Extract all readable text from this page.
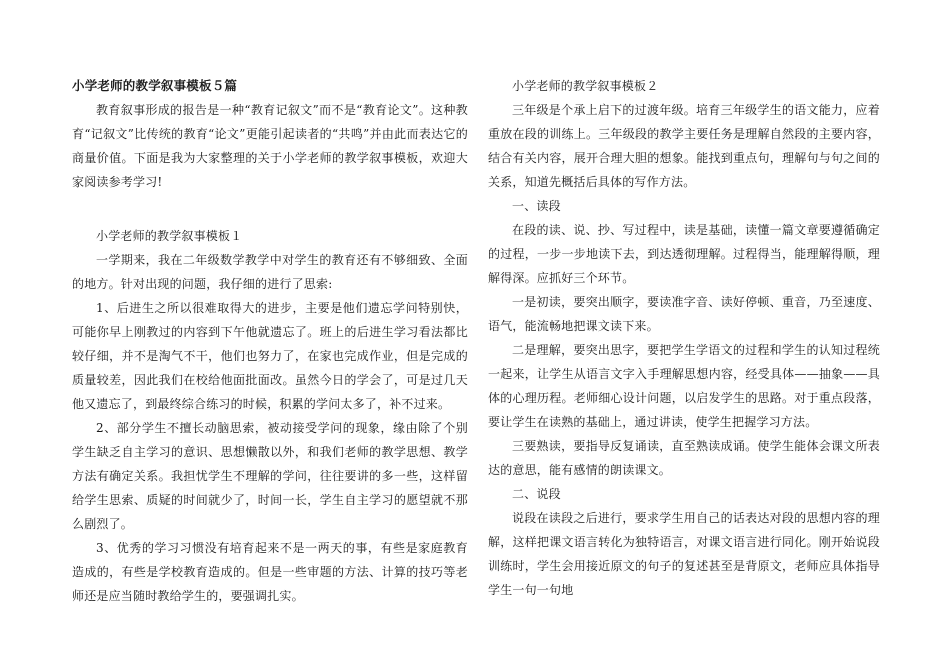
小学老师的教学叙事模板５篇

教育叙事形成的报告是一种“教育记叙文”而不是“教育论文”。这种教育“记叙文”比传统的教育“论文”更能引起读者的“共鸣”并由此而表达它的商量价值。下面是我为大家整理的关于小学老师的教学叙事模板，欢迎大家阅读参考学习!

小学老师的教学叙事模板１

一学期来，我在二年级数学教学中对学生的教育还有不够细致、全面的地方。针对出现的问题，我仔细的进行了思索:

1、后进生之所以很难取得大的进步，主要是他们遗忘学问特别快，可能你早上刚教过的内容到下午他就遗忘了。班上的后进生学习看法都比较仔细，并不是淘气不干，他们也努力了，在家也完成作业，但是完成的质量较差，因此我们在校给他面批面改。虽然今日的学会了，可是过几天他又遗忘了，到最终综合练习的时候，积累的学问太多了，补不过来。

2、部分学生不擅长动脑思索，被动接受学问的现象，缘由除了个别学生缺乏自主学习的意识、思想懒散以外，和我们老师的教学思想、教学方法有确定关系。我担忧学生不理解的学问，往往要讲的多一些，这样留给学生思索、质疑的时间就少了，时间一长，学生自主学习的愿望就不那么剧烈了。

3、优秀的学习习惯没有培育起来不是一两天的事，有些是家庭教育造成的，有些是学校教育造成的。但是一些审题的方法、计算的技巧等老师还是应当随时教给学生的，要强调扎实。

小学老师的教学叙事模板２

三年级是个承上启下的过渡年级。培育三年级学生的语文能力，应着重放在段的训练上。三年级段的教学主要任务是理解自然段的主要内容，结合有关内容，展开合理大胆的想象。能找到重点句，理解句与句之间的关系，知道先概括后具体的写作方法。

一、读段

在段的读、说、抄、写过程中，读是基础，读懂一篇文章要遵循确定的过程，一步一步地读下去，到达透彻理解。过程得当，能理解得顺，理解得深。应抓好三个环节。

一是初读，要突出顺字，要读准字音、读好停顿、重音，乃至速度、语气，能流畅地把课文读下来。

二是理解，要突出思字，要把学生学语文的过程和学生的认知过程统一起来，让学生从语言文字入手理解思想内容，经受具体——抽象——具体的心理历程。老师细心设计问题，以启发学生的思路。对于重点段落，要让学生在读熟的基础上，通过讲读，使学生把握学习方法。

三要熟读，要指导反复诵读，直至熟读成诵。使学生能体会课文所表达的意思，能有感情的朗读课文。

二、说段

说段在读段之后进行，要求学生用自己的话表达对段的思想内容的理解，这样把课文语言转化为独特语言，对课文语言进行同化。刚开始说段训练时，学生会用接近原文的句子的复述甚至是背原文，老师应具体指导学生一句一句地
